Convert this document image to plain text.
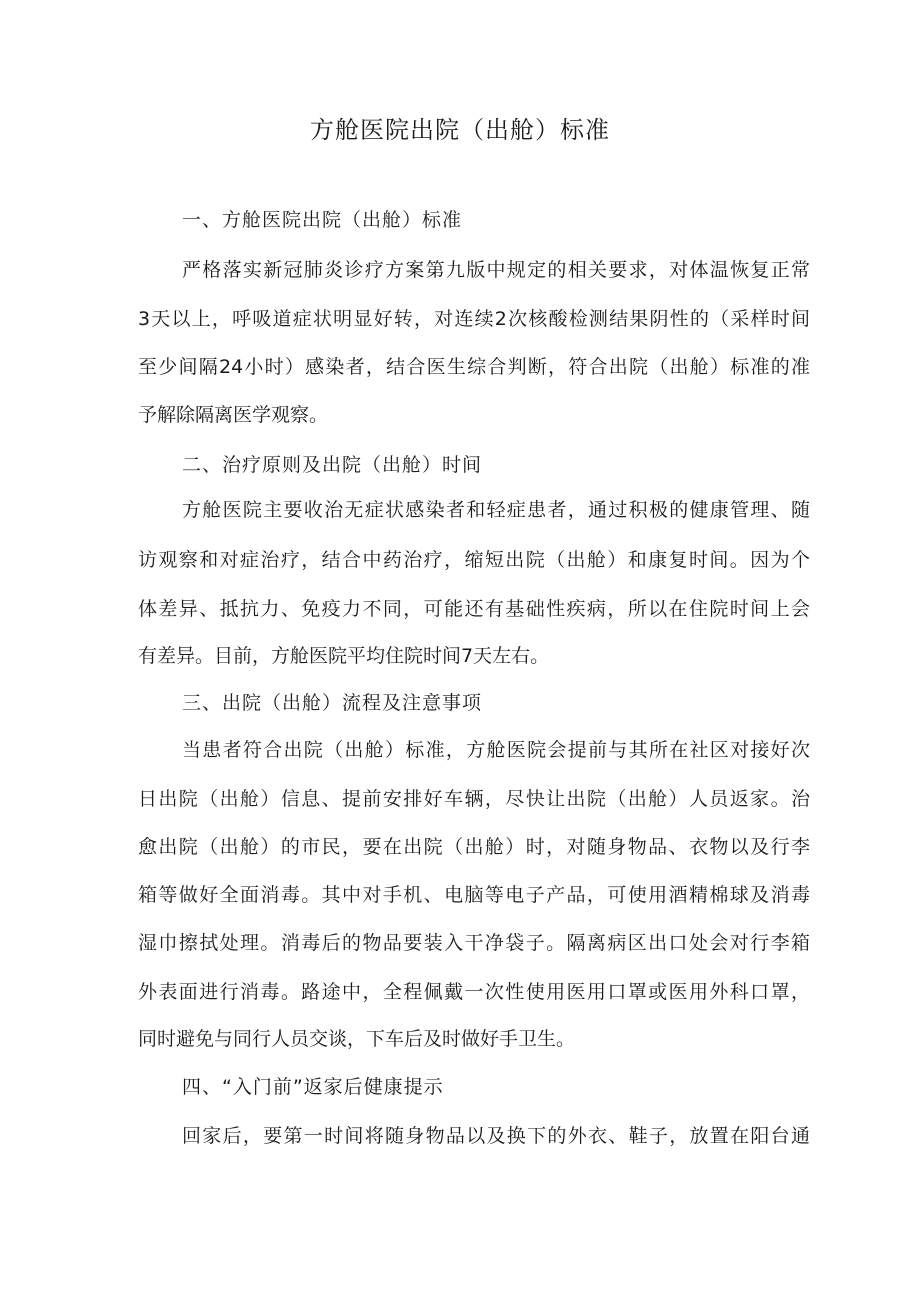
方舱医院出院（出舱）标准

一、方舱医院出院（出舱）标准

严格落实新冠肺炎诊疗方案第九版中规定的相关要求，对体温恢复正常

3天以上，呼吸道症状明显好转，对连续2次核酸检测结果阴性的（采样时间

至少间隔24小时）感染者，结合医生综合判断，符合出院（出舱）标准的准

予解除隔离医学观察。

二、治疗原则及出院（出舱）时间

方舱医院主要收治无症状感染者和轻症患者，通过积极的健康管理、随

访观察和对症治疗，结合中药治疗，缩短出院（出舱）和康复时间。因为个

体差异、抵抗力、免疫力不同，可能还有基础性疾病，所以在住院时间上会

有差异。目前，方舱医院平均住院时间7天左右。

三、出院（出舱）流程及注意事项

当患者符合出院（出舱）标准，方舱医院会提前与其所在社区对接好次

日出院（出舱）信息、提前安排好车辆，尽快让出院（出舱）人员返家。治

愈出院（出舱）的市民，要在出院（出舱）时，对随身物品、衣物以及行李

箱等做好全面消毒。其中对手机、电脑等电子产品，可使用酒精棉球及消毒

湿巾擦拭处理。消毒后的物品要装入干净袋子。隔离病区出口处会对行李箱

外表面进行消毒。路途中，全程佩戴一次性使用医用口罩或医用外科口罩，

同时避免与同行人员交谈，下车后及时做好手卫生。

四、“入门前”返家后健康提示

回家后，要第一时间将随身物品以及换下的外衣、鞋子，放置在阳台通
